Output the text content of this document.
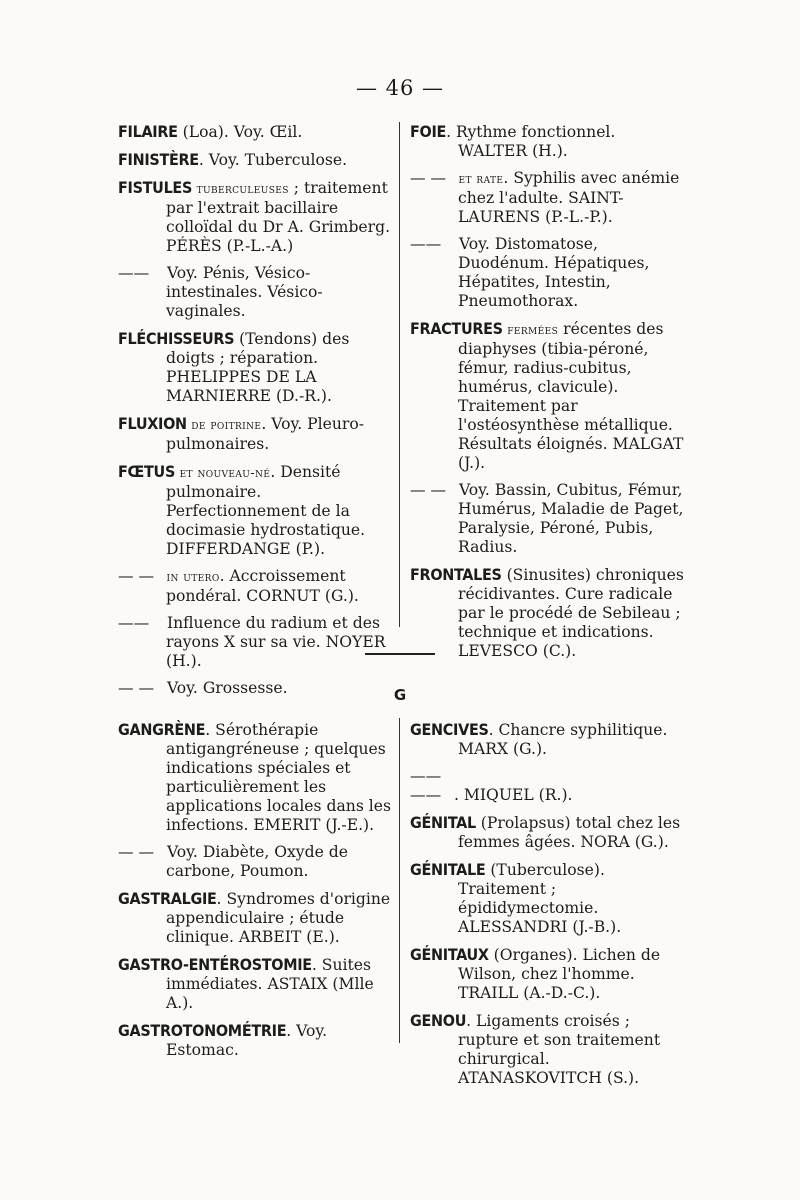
— 46 —

FILAIRE (Loa). Voy. Œil.

FINISTÈRE. Voy. Tuberculose.

FISTULES tuberculeuses ; traitement par l'extrait bacillaire colloïdal du Dr A. Grimberg. PÉRÈS (P.-L.-A.)

—— Voy. Pénis, Vésico-intestinales. Vésico-vaginales.

FLÉCHISSEURS (Tendons) des doigts ; réparation. PHELIPPES DE LA MARNIERRE (D.-R.).

FLUXION de poitrine. Voy. Pleuro-pulmonaires.

FŒTUS et nouveau-né. Densité pulmonaire. Perfectionnement de la docimasie hydrostatique. DIFFERDANGE (P.).

— — in utero. Accroissement pondéral. CORNUT (G.).

—— Influence du radium et des rayons X sur sa vie. NOYER (H.).

— — Voy. Grossesse.

FOIE. Rythme fonctionnel. WALTER (H.).

— — et rate. Syphilis avec anémie chez l'adulte. SAINT-LAURENS (P.-L.-P.).

—— Voy. Distomatose, Duodénum. Hépatiques, Hépatites, Intestin, Pneumothorax.

FRACTURES fermées récentes des diaphyses (tibia-péroné, fémur, radius-cubitus, humérus, clavicule). Traitement par l'ostéosynthèse métallique. Résultats éloignés. MALGAT (J.).

— — Voy. Bassin, Cubitus, Fémur, Humérus, Maladie de Paget, Paralysie, Péroné, Pubis, Radius.

FRONTALES (Sinusites) chroniques récidivantes. Cure radicale par le procédé de Sebileau ; technique et indications. LEVESCO (C.).

G

GANGRÈNE. Sérothérapie antigangréneuse ; quelques indications spéciales et particulièrement les applications locales dans les infections. EMERIT (J.-E.).

— — Voy. Diabète, Oxyde de carbone, Poumon.

GASTRALGIE. Syndromes d'origine appendiculaire ; étude clinique. ARBEIT (E.).

GASTRO-ENTÉROSTOMIE. Suites immédiates. ASTAIX (Mlle A.).

GASTROTONOMÉTRIE. Voy. Estomac.

GENCIVES. Chancre syphilitique. MARX (G.).

—— —— . MIQUEL (R.).

GÉNITAL (Prolapsus) total chez les femmes âgées. NORA (G.).

GÉNITALE (Tuberculose). Traitement ; épididymectomie. ALESSANDRI (J.-B.).

GÉNITAUX (Organes). Lichen de Wilson, chez l'homme. TRAILL (A.-D.-C.).

GENOU. Ligaments croisés ; rupture et son traitement chirurgical. ATANASKOVITCH (S.).
